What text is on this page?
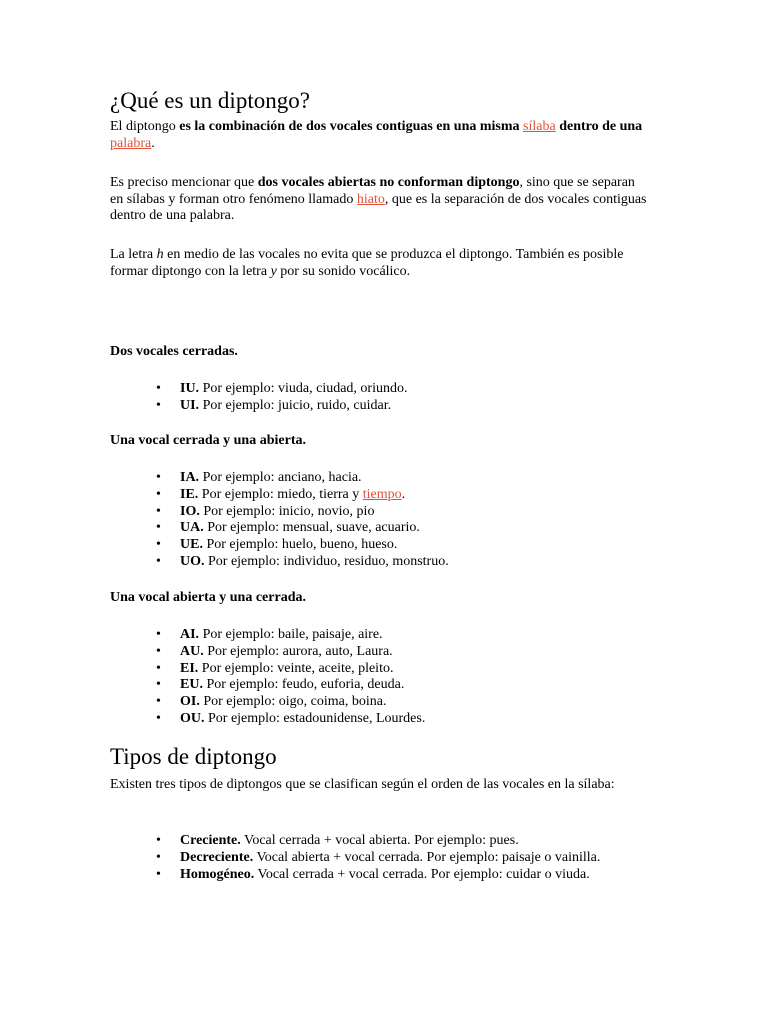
¿Qué es un diptongo?

El diptongo es la combinación de dos vocales contiguas en una misma sílaba dentro de una palabra.

Es preciso mencionar que dos vocales abiertas no conforman diptongo, sino que se separan en sílabas y forman otro fenómeno llamado hiato, que es la separación de dos vocales contiguas dentro de una palabra.

La letra h en medio de las vocales no evita que se produzca el diptongo. También es posible formar diptongo con la letra y por su sonido vocálico.

Dos vocales cerradas.
• IU. Por ejemplo: viuda, ciudad, oriundo.
• UI. Por ejemplo: juicio, ruido, cuidar.
Una vocal cerrada y una abierta.
• IA. Por ejemplo: anciano, hacia.
• IE. Por ejemplo: miedo, tierra y tiempo.
• IO. Por ejemplo: inicio, novio, pio
• UA. Por ejemplo: mensual, suave, acuario.
• UE. Por ejemplo: huelo, bueno, hueso.
• UO. Por ejemplo: individuo, residuo, monstruo.
Una vocal abierta y una cerrada.
• AI. Por ejemplo: baile, paisaje, aire.
• AU. Por ejemplo: aurora, auto, Laura.
• EI. Por ejemplo: veinte, aceite, pleito.
• EU. Por ejemplo: feudo, euforia, deuda.
• OI. Por ejemplo: oigo, coima, boina.
• OU. Por ejemplo: estadounidense, Lourdes.
Tipos de diptongo

Existen tres tipos de diptongos que se clasifican según el orden de las vocales en la sílaba:

• Creciente. Vocal cerrada + vocal abierta. Por ejemplo: pues.
• Decreciente. Vocal abierta + vocal cerrada. Por ejemplo: paisaje o vainilla.
• Homogéneo. Vocal cerrada + vocal cerrada. Por ejemplo: cuidar o viuda.
